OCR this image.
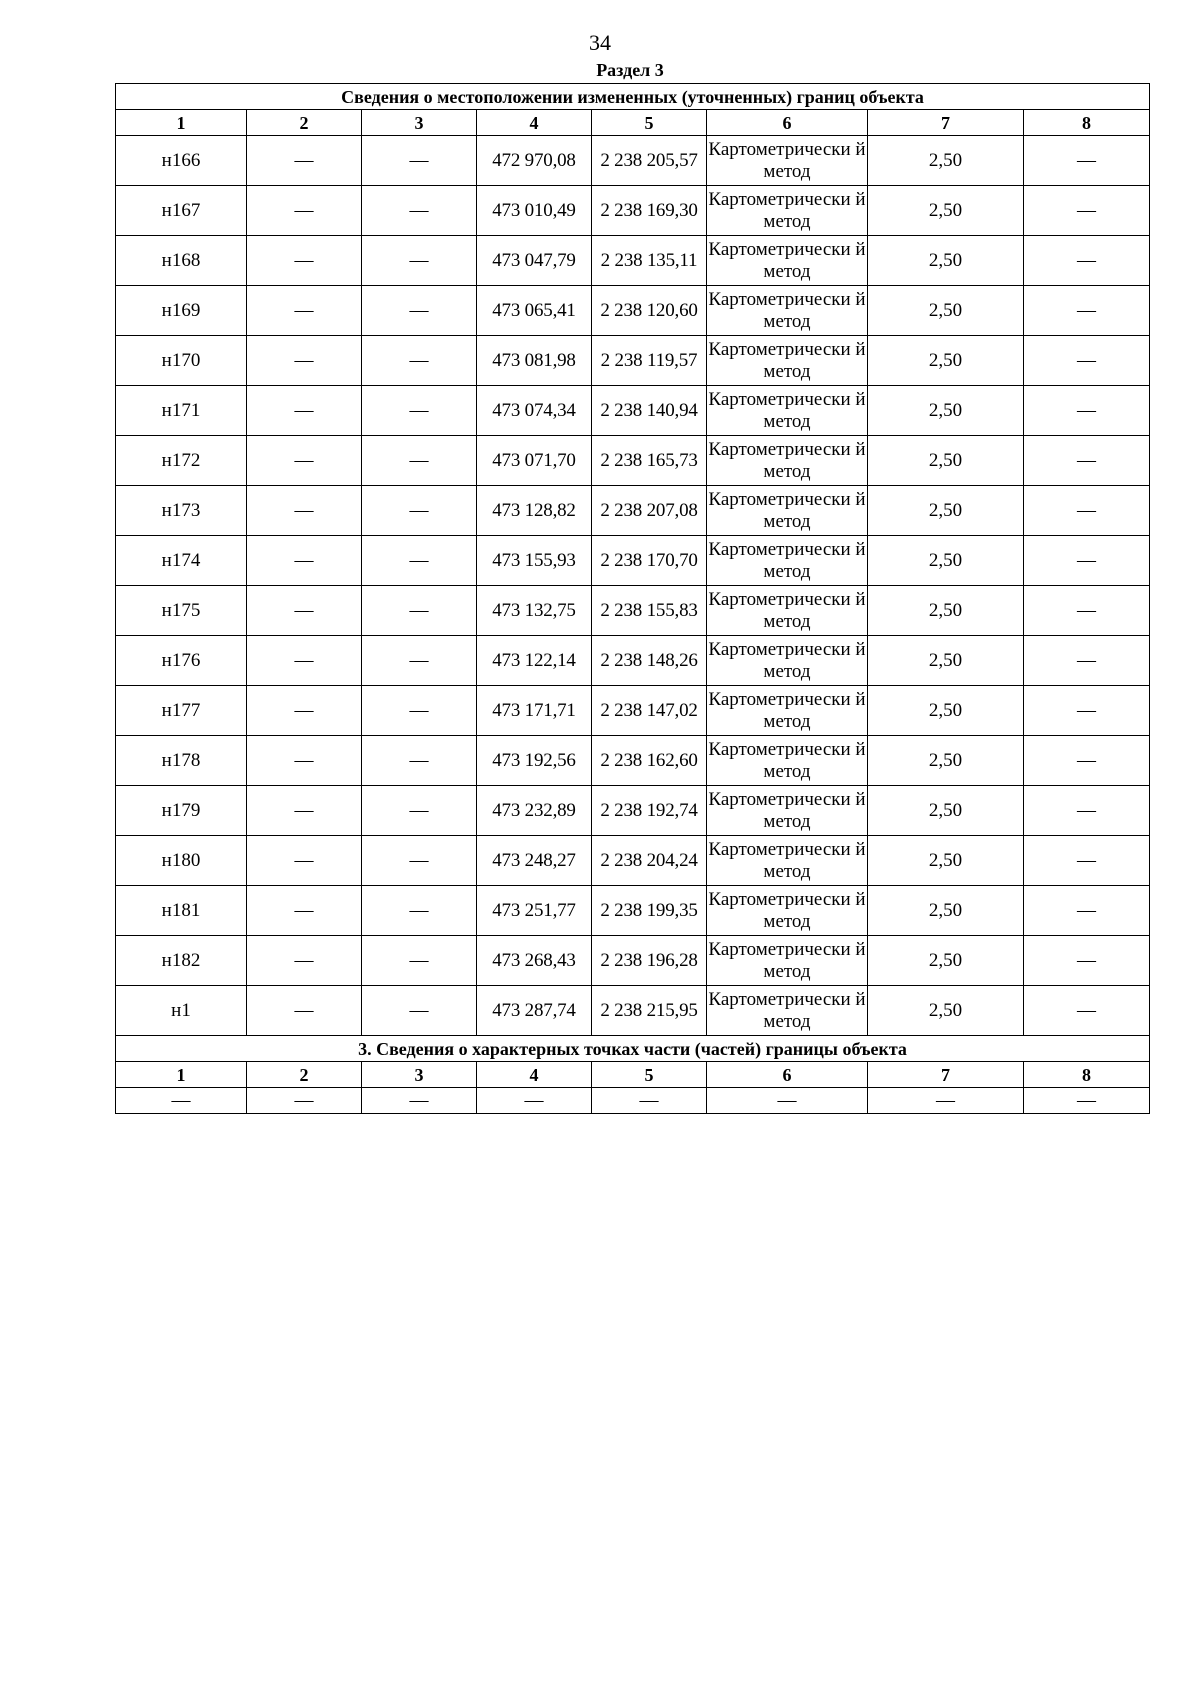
34
Раздел 3
Сведения о местоположении измененных (уточненных) границ объекта							
1	2	3	4	5	6	7	8
н166	—	—	472 970,08	2 238 205,57	Картометрически й метод	2,50	—
н167	—	—	473 010,49	2 238 169,30	Картометрически й метод	2,50	—
н168	—	—	473 047,79	2 238 135,11	Картометрически й метод	2,50	—
н169	—	—	473 065,41	2 238 120,60	Картометрически й метод	2,50	—
н170	—	—	473 081,98	2 238 119,57	Картометрически й метод	2,50	—
н171	—	—	473 074,34	2 238 140,94	Картометрически й метод	2,50	—
н172	—	—	473 071,70	2 238 165,73	Картометрически й метод	2,50	—
н173	—	—	473 128,82	2 238 207,08	Картометрически й метод	2,50	—
н174	—	—	473 155,93	2 238 170,70	Картометрически й метод	2,50	—
н175	—	—	473 132,75	2 238 155,83	Картометрически й метод	2,50	—
н176	—	—	473 122,14	2 238 148,26	Картометрически й метод	2,50	—
н177	—	—	473 171,71	2 238 147,02	Картометрически й метод	2,50	—
н178	—	—	473 192,56	2 238 162,60	Картометрически й метод	2,50	—
н179	—	—	473 232,89	2 238 192,74	Картометрически й метод	2,50	—
н180	—	—	473 248,27	2 238 204,24	Картометрически й метод	2,50	—
н181	—	—	473 251,77	2 238 199,35	Картометрически й метод	2,50	—
н182	—	—	473 268,43	2 238 196,28	Картометрически й метод	2,50	—
н1	—	—	473 287,74	2 238 215,95	Картометрически й метод	2,50	—
3. Сведения о характерных точках части (частей) границы объекта							
1	2	3	4	5	6	7	8
—	—	—	—	—	—	—	—
